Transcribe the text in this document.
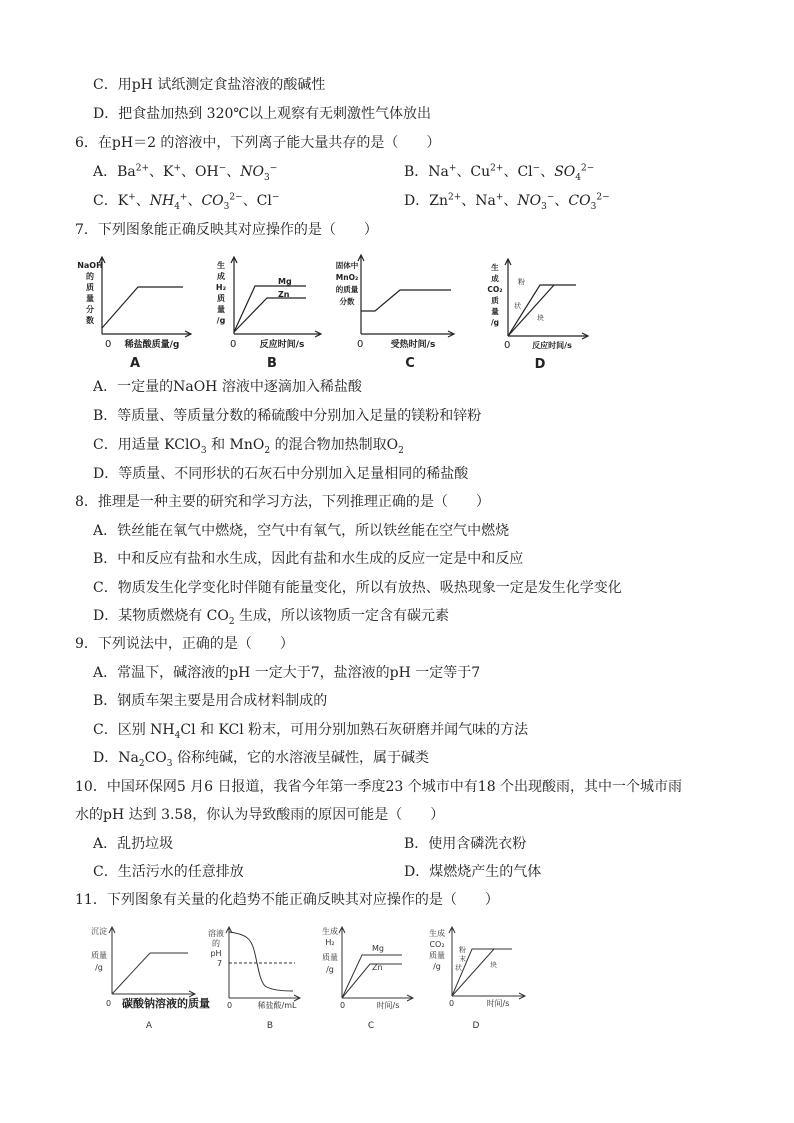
C．用pH 试纸测定食盐溶液的酸碱性
D．把食盐加热到 320℃以上观察有无刺激性气体放出
6．在pH＝2 的溶液中，下列离子能大量共存的是（　　）
A．$Ba^{2+}$、K+、OH−、$NO_3^-$	B．Na+、$Cu^{2+}$、Cl−、$SO_4^{2-}$
C．K+、$NH_4^+$、$CO_3^{2-}$、Cl−	D．$Zn^{2+}$、Na+、$NO_3^-$、$CO_3^{2-}$
7．下列图象能正确反映其对应操作的是（　　）
NaOH
的
质
量
分
数
0 稀盐酸质量/g
A
生
成
H₂
质
量
/g
Mg
Zn
0	反应时间/s
B
固体中
MnO₂
的质量
分数
0	受热时间/s
C
生
成
CO₂
质
量
/g
粉
状
块
0	反应时间/s
D
A．一定量的NaOH 溶液中逐滴加入稀盐酸
B．等质量、等质量分数的稀硫酸中分别加入足量的镁粉和锌粉
C．用适量 KClO$_3$ 和 MnO$_2$ 的混合物加热制取$O_2$
D．等质量、不同形状的石灰石中分别加入足量相同的稀盐酸
8．推理是一种主要的研究和学习方法，下列推理正确的是（　　）
A．铁丝能在氧气中燃烧，空气中有氧气，所以铁丝能在空气中燃烧
B．中和反应有盐和水生成，因此有盐和水生成的反应一定是中和反应
C．物质发生化学变化时伴随有能量变化，所以有放热、吸热现象一定是发生化学变化
D．某物质燃烧有 $CO_2$ 生成，所以该物质一定含有碳元素
9．下列说法中，正确的是（　　）
A．常温下，碱溶液的pH 一定大于7，盐溶液的pH 一定等于7
B．钢质车架主要是用合成材料制成的
C．区别 $NH_4Cl$ 和 KCl 粉末，可用分别加熟石灰研磨并闻气味的方法
D．$Na_2CO_3$ 俗称纯碱，它的水溶液呈碱性，属于碱类
10．中国环保网5 月6 日报道，我省今年第一季度23 个城市中有18 个出现酸雨，其中一个城市雨
水的pH 达到 3.58，你认为导致酸雨的原因可能是（　　）
A．乱扔垃圾	B．使用含磷洗衣粉
C．生活污水的任意排放	D．煤燃烧产生的气体
11．下列图象有关量的化趋势不能正确反映其对应操作的是（　　）
沉淀
质量
/g
0 碳酸钠溶液的质量
A
溶液
的
pH
7
0	稀盐酸/mL
B
生成
H₂
质量
/g
Mg
Zn
0	时间/s
C
生成
CO₂
质量
/g
粉
末
状	块
0	时间/s
D
